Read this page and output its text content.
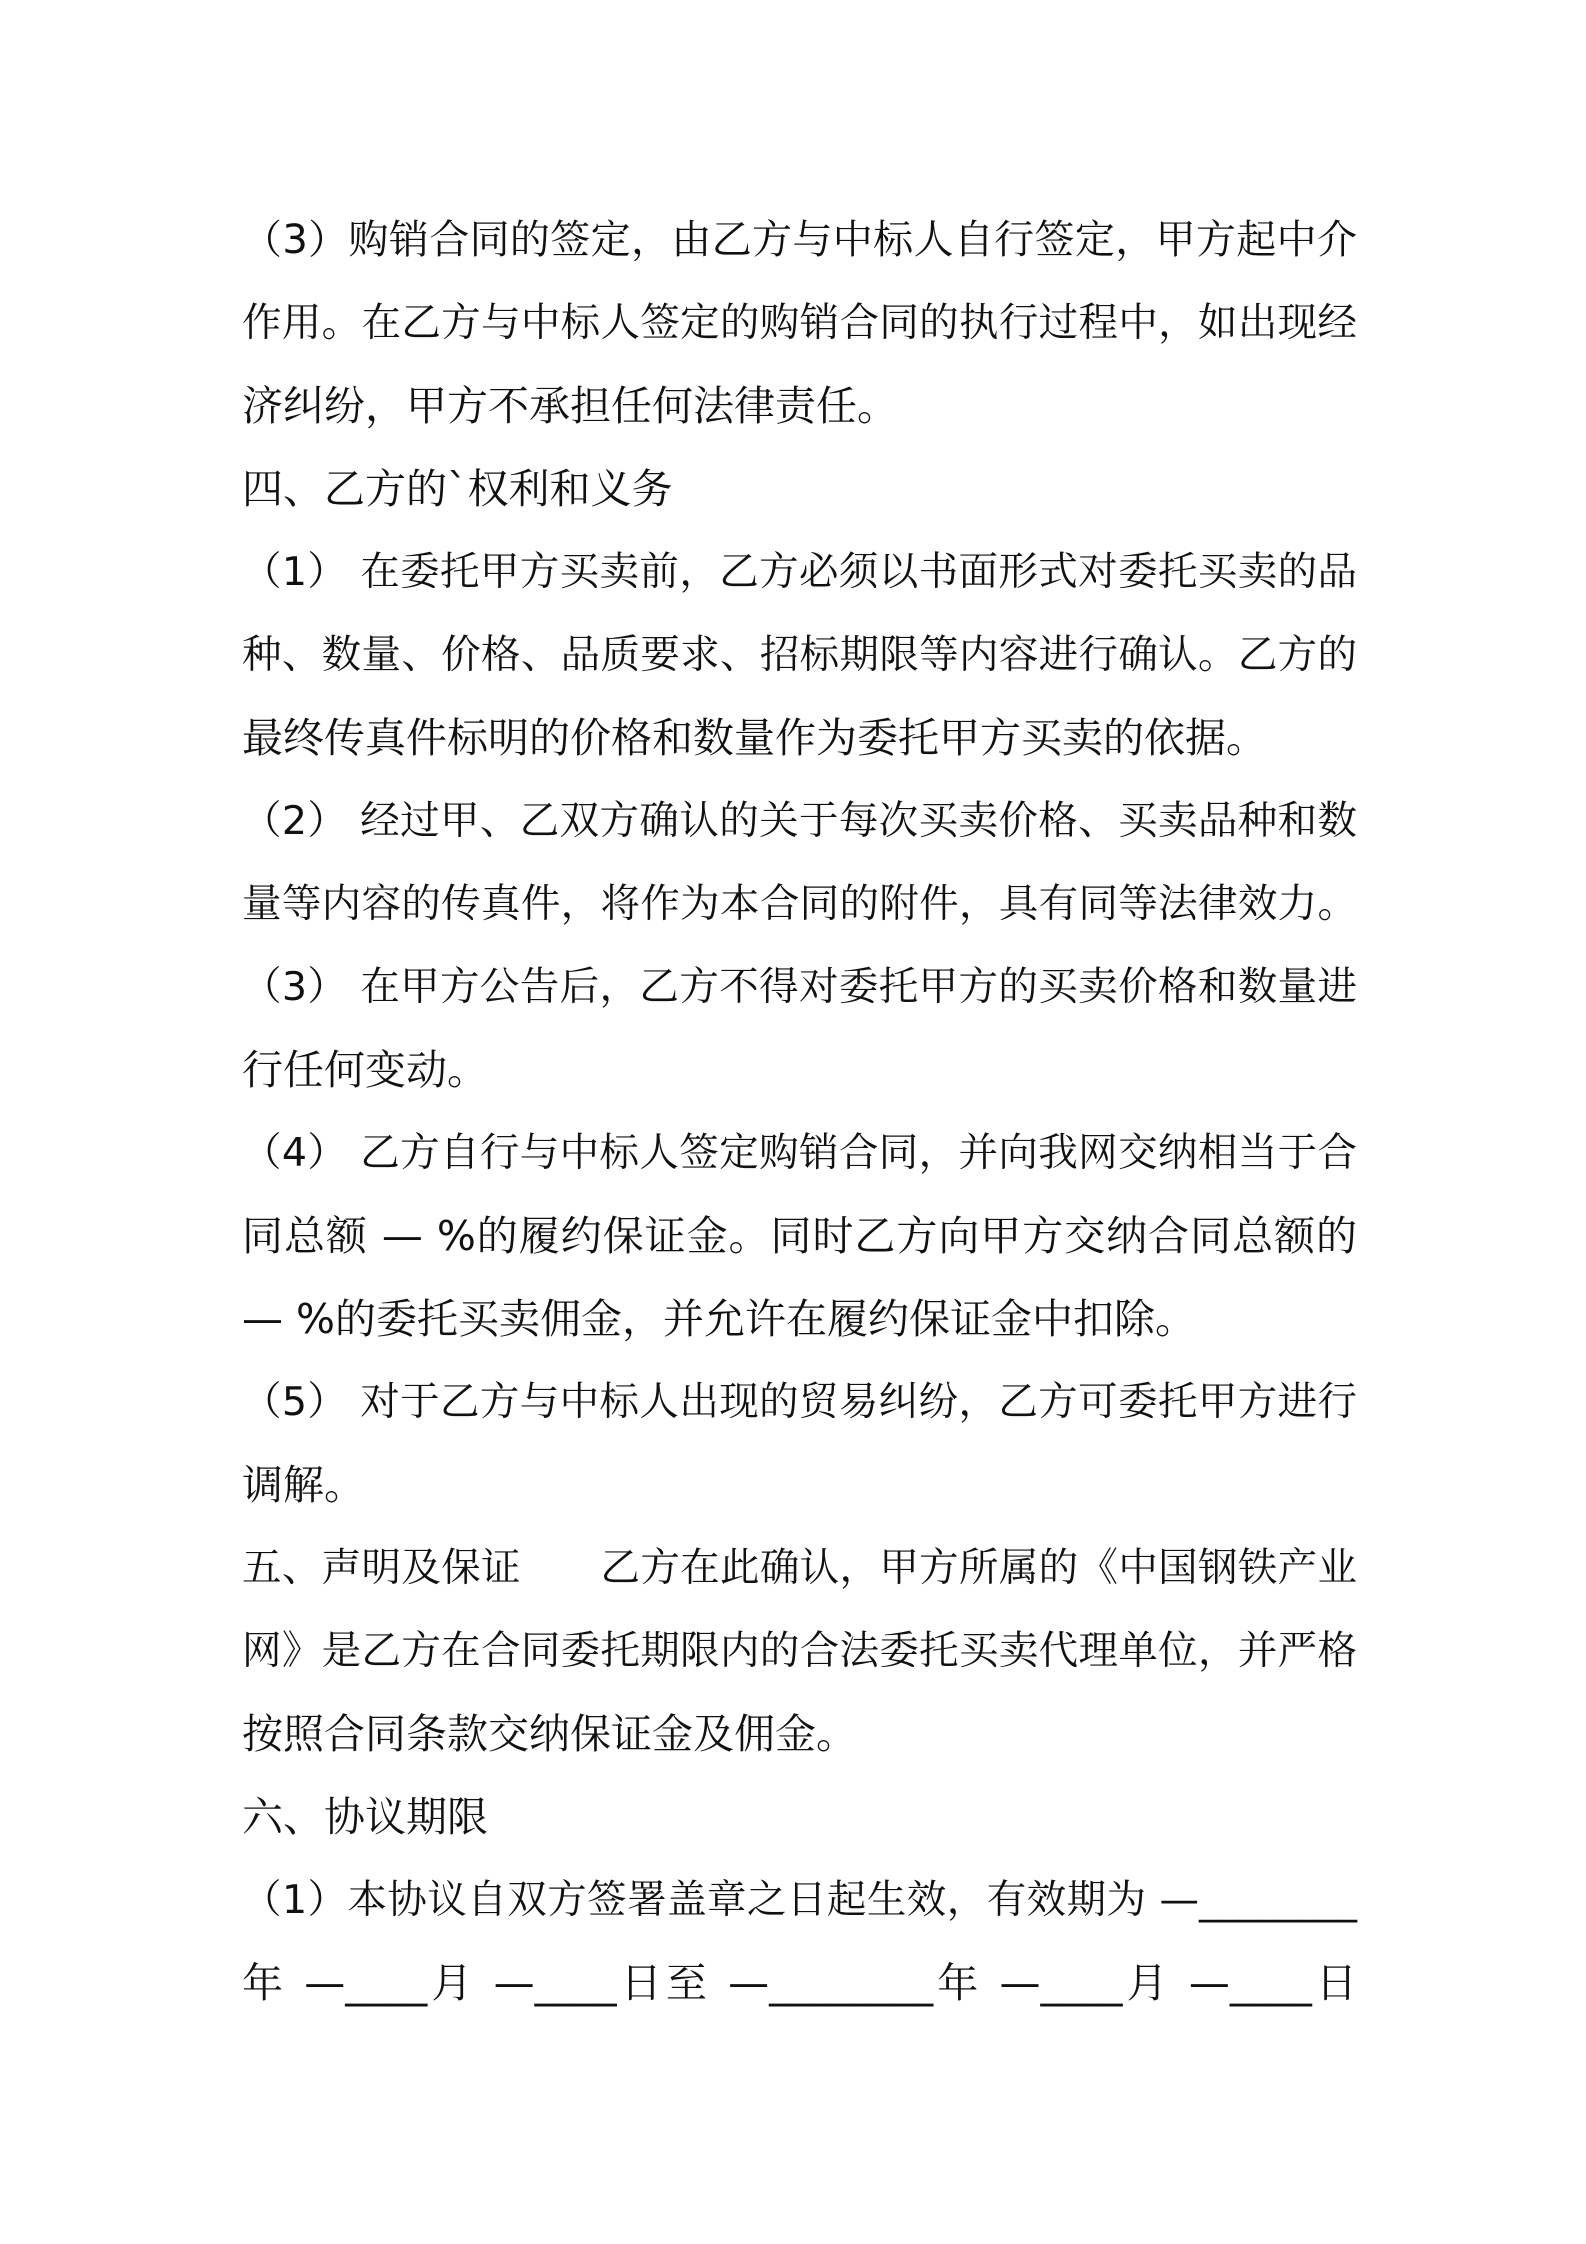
（3）购销合同的签定，由乙方与中标人自行签定，甲方起中介

作用。在乙方与中标人签定的购销合同的执行过程中，如出现经

济纠纷，甲方不承担任何法律责任。

四、乙方的`权利和义务

（1） 在委托甲方买卖前，乙方必须以书面形式对委托买卖的品

种、数量、价格、品质要求、招标期限等内容进行确认。乙方的

最终传真件标明的价格和数量作为委托甲方买卖的依据。

（2） 经过甲、乙双方确认的关于每次买卖价格、买卖品种和数

量等内容的传真件，将作为本合同的附件，具有同等法律效力。

（3） 在甲方公告后，乙方不得对委托甲方的买卖价格和数量进

行任何变动。

（4） 乙方自行与中标人签定购销合同，并向我网交纳相当于合

同总额 — %的履约保证金。同时乙方向甲方交纳合同总额的

— %的委托买卖佣金，并允许在履约保证金中扣除。

（5） 对于乙方与中标人出现的贸易纠纷，乙方可委托甲方进行

调解。

五、声明及保证　　乙方在此确认，甲方所属的《中国钢铁产业

网》是乙方在合同委托期限内的合法委托买卖代理单位，并严格

按照合同条款交纳保证金及佣金。

六、协议期限

（1）本协议自双方签署盖章之日起生效，有效期为 —________

年 —____月 —____日至 —________年 —____月 —____日
